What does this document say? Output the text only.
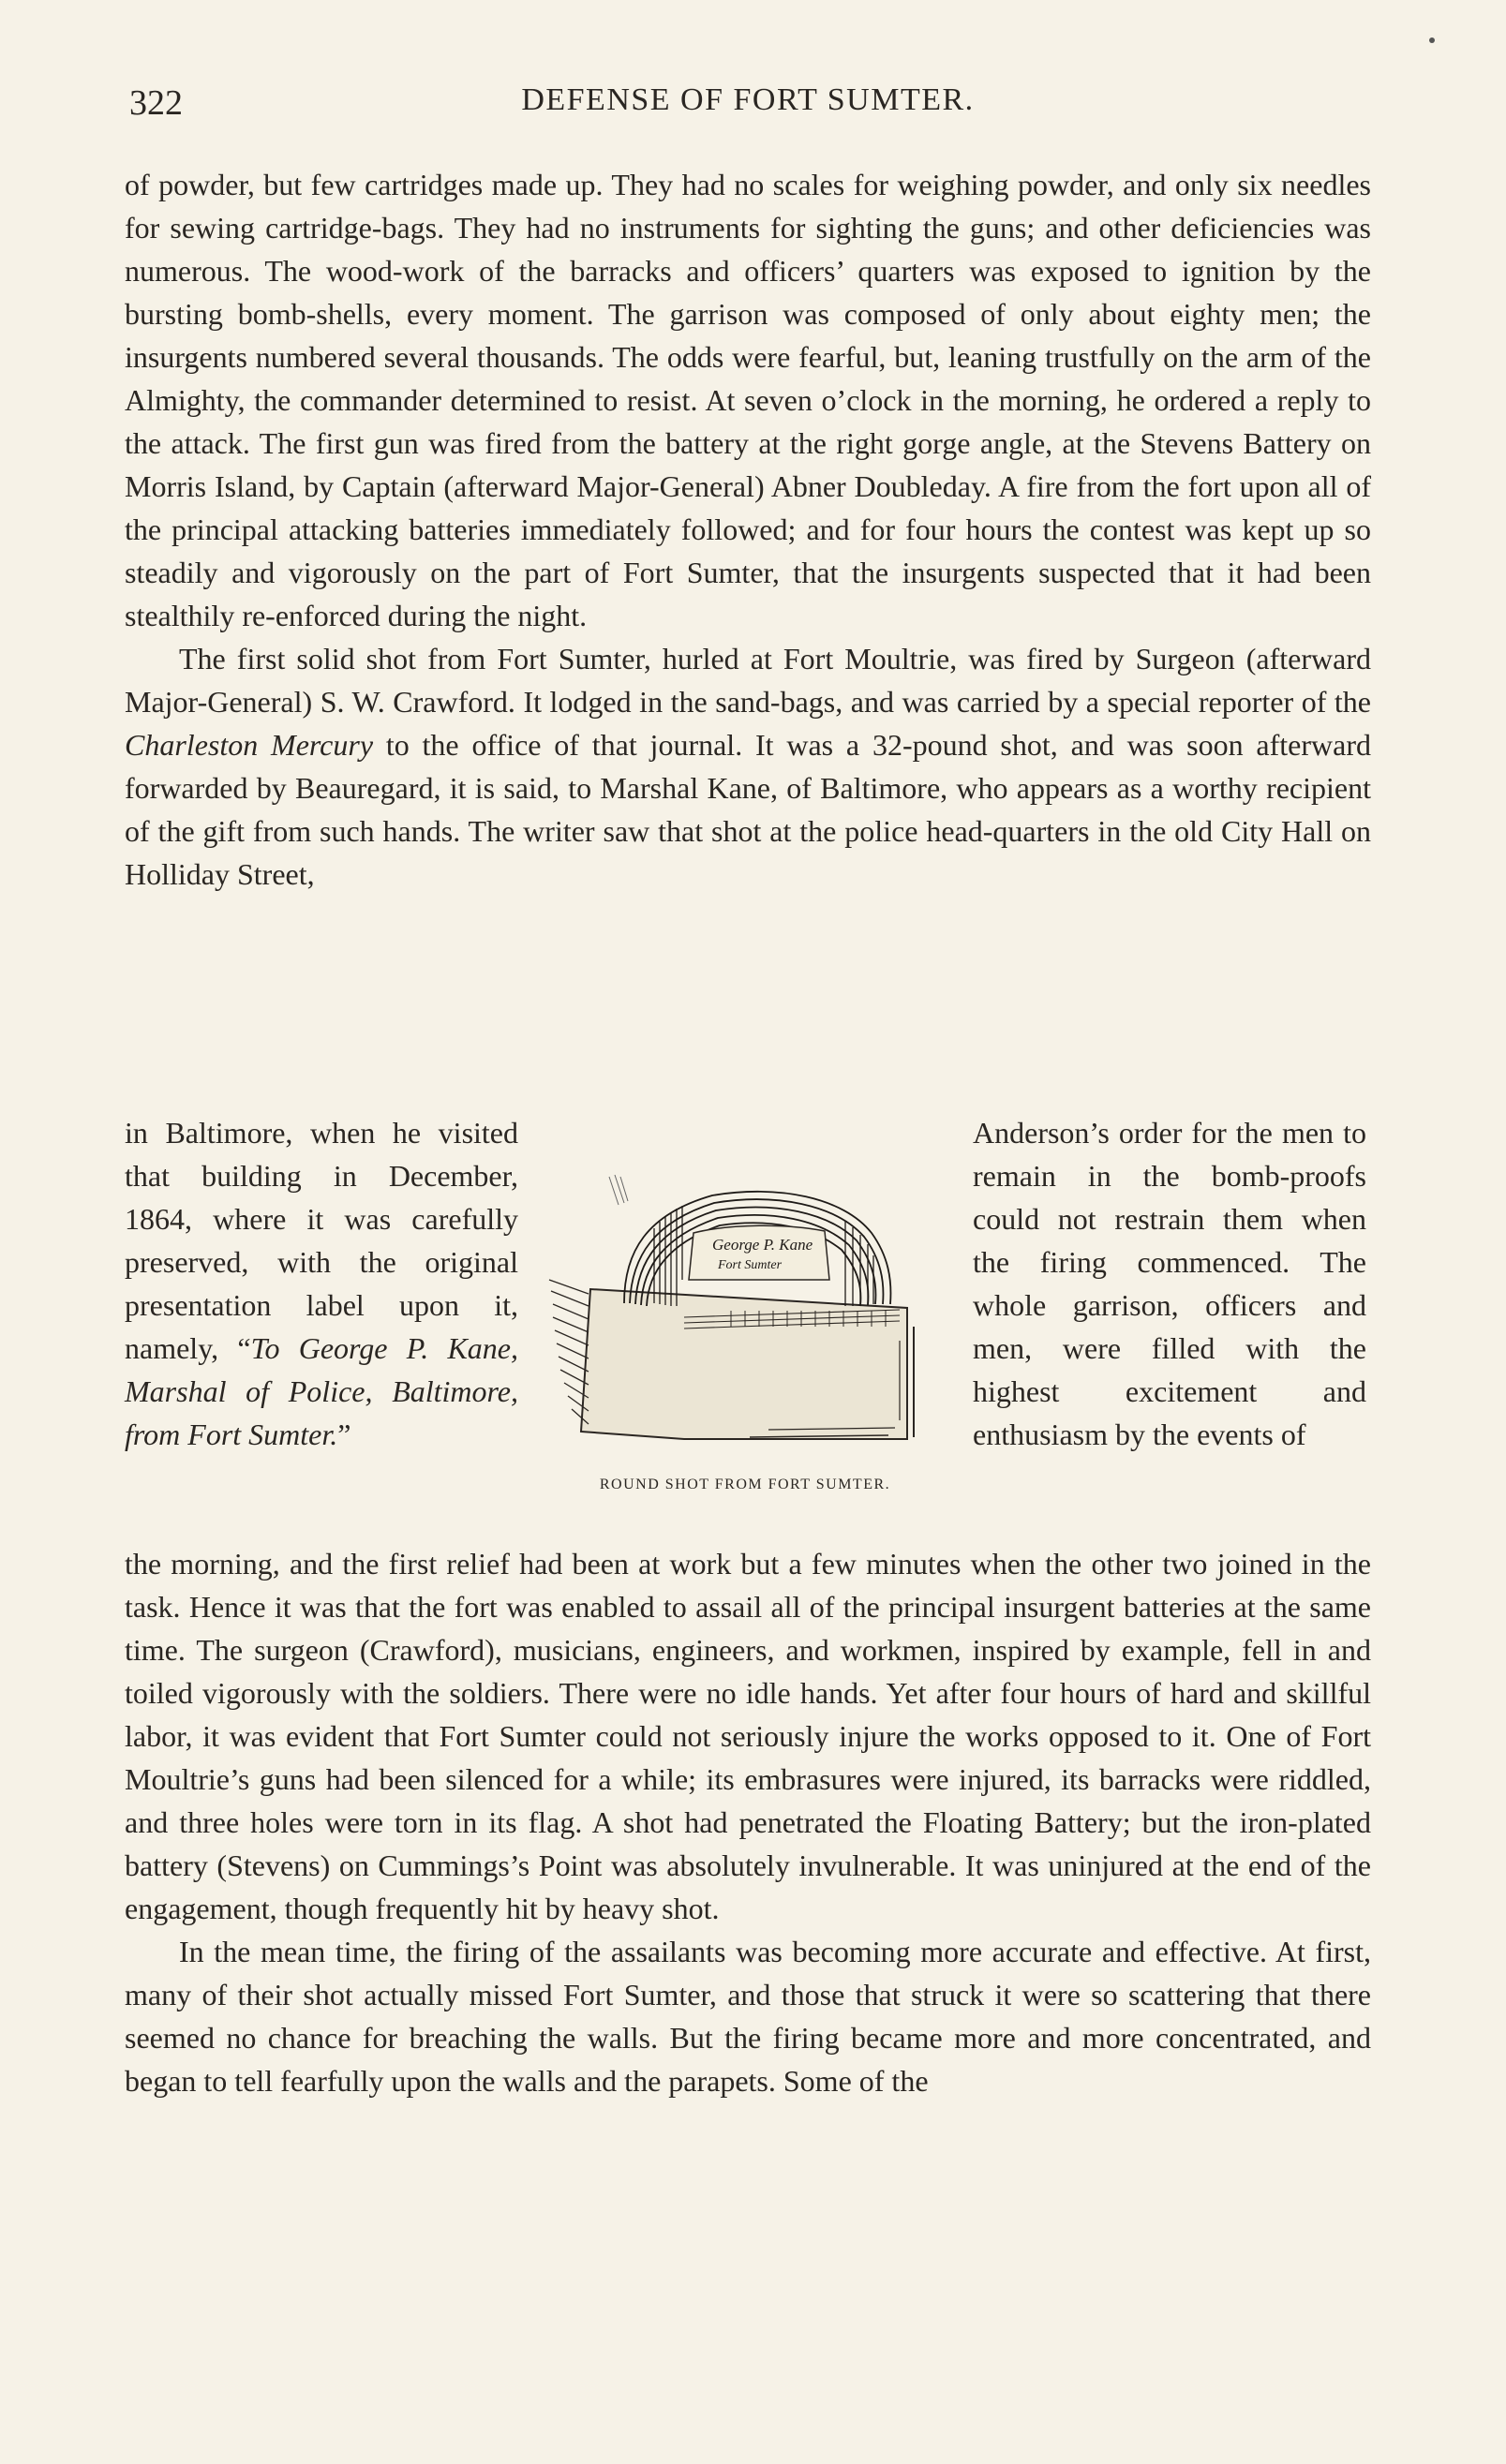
322	DEFENSE OF FORT SUMTER.

of powder, but few cartridges made up. They had no scales for weighing powder, and only six needles for sewing cartridge-bags. They had no instruments for sighting the guns; and other deficiencies was numerous. The wood-work of the barracks and officers’ quarters was exposed to ignition by the bursting bomb-shells, every moment. The garrison was composed of only about eighty men; the insurgents numbered several thousands. The odds were fearful, but, leaning trustfully on the arm of the Almighty, the commander determined to resist. At seven o’clock in the morning, he ordered a reply to the attack. The first gun was fired from the battery at the right gorge angle, at the Stevens Battery on Morris Island, by Captain (afterward Major-General) Abner Doubleday. A fire from the fort upon all of the principal attacking batteries immediately followed; and for four hours the contest was kept up so steadily and vigorously on the part of Fort Sumter, that the insurgents suspected that it had been stealthily re-enforced during the night.

The first solid shot from Fort Sumter, hurled at Fort Moultrie, was fired by Surgeon (afterward Major-General) S. W. Crawford. It lodged in the sand-bags, and was carried by a special reporter of the Charleston Mercury to the office of that journal. It was a 32-pound shot, and was soon afterward forwarded by Beauregard, it is said, to Marshal Kane, of Baltimore, who appears as a worthy recipient of the gift from such hands. The writer saw that shot at the police head-quarters in the old City Hall on Holliday Street,

in Baltimore, when he visited that building in December, 1864, where it was carefully preserved, with the original presentation label upon it, namely, “To George P. Kane, Marshal of Police, Baltimore, from Fort Sumter.”

George P. Kane
Fort Sumter
ROUND SHOT FROM FORT SUMTER.

Anderson’s order for the men to remain in the bomb-proofs could not restrain them when the firing commenced. The whole garrison, officers and men, were filled with the highest excitement and enthusiasm by the events of

the morning, and the first relief had been at work but a few minutes when the other two joined in the task. Hence it was that the fort was enabled to assail all of the principal insurgent batteries at the same time. The surgeon (Crawford), musicians, engineers, and workmen, inspired by example, fell in and toiled vigorously with the soldiers. There were no idle hands. Yet after four hours of hard and skillful labor, it was evident that Fort Sumter could not seriously injure the works opposed to it. One of Fort Moultrie’s guns had been silenced for a while; its embrasures were injured, its barracks were riddled, and three holes were torn in its flag. A shot had penetrated the Floating Battery; but the iron-plated battery (Stevens) on Cummings’s Point was absolutely invulnerable. It was uninjured at the end of the engagement, though frequently hit by heavy shot.

In the mean time, the firing of the assailants was becoming more accurate and effective. At first, many of their shot actually missed Fort Sumter, and those that struck it were so scattering that there seemed no chance for breaching the walls. But the firing became more and more concentrated, and began to tell fearfully upon the walls and the parapets. Some of the
